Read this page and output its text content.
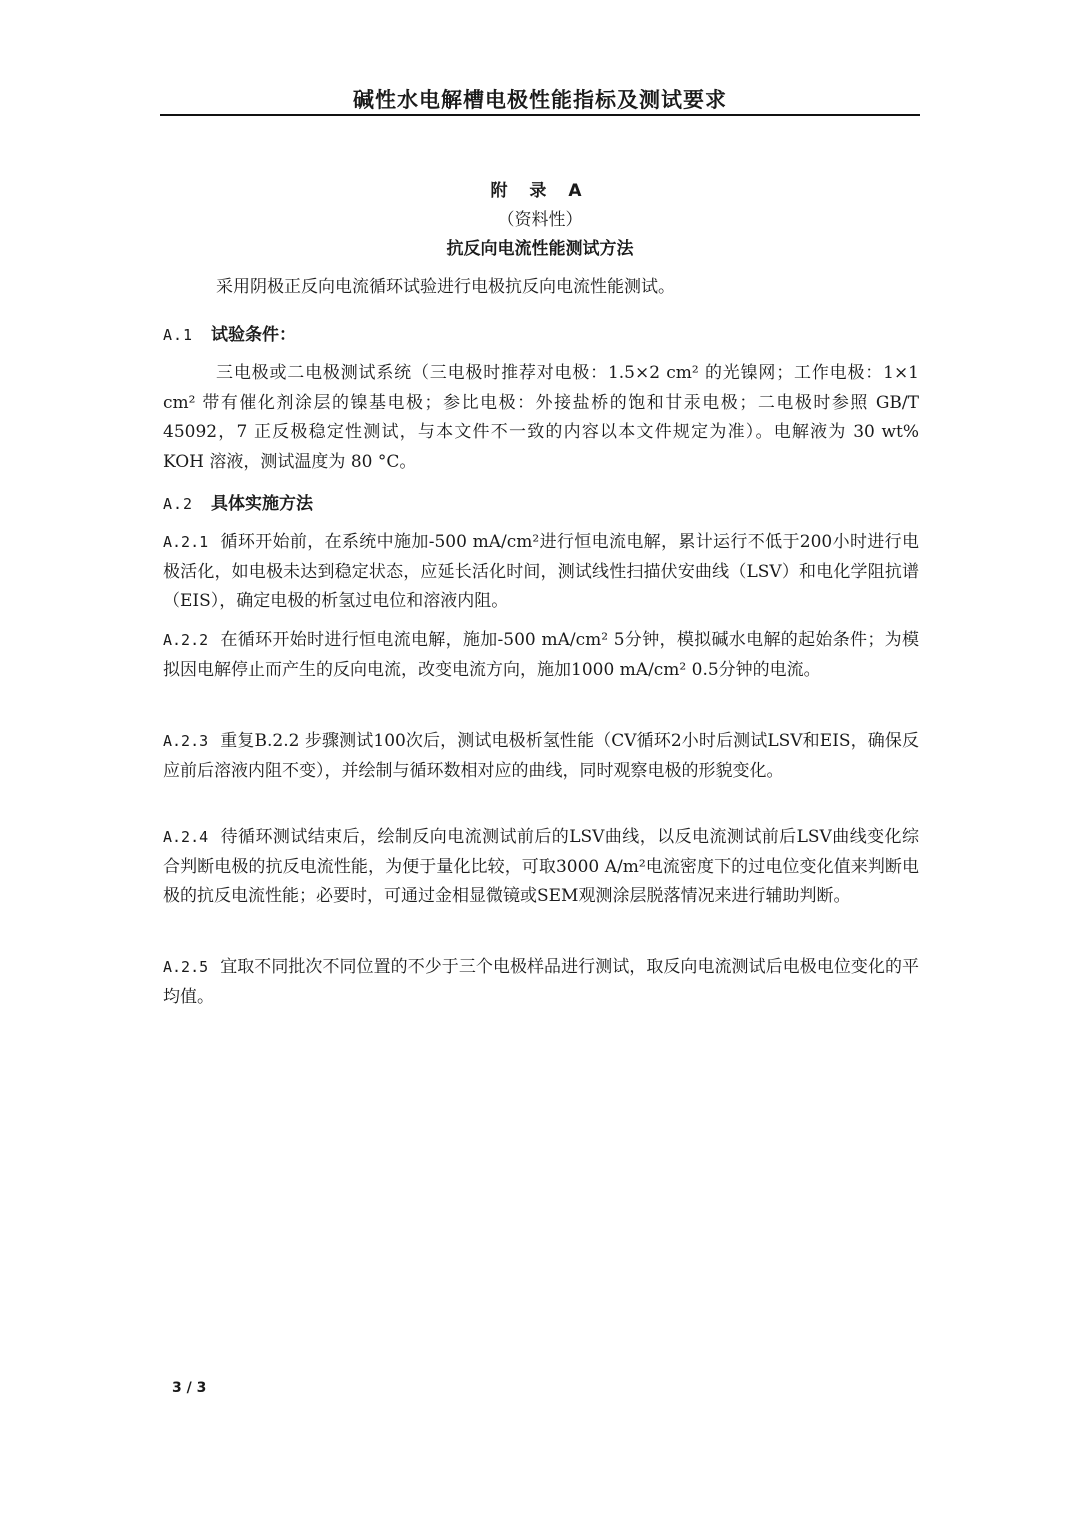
碱性水电解槽电极性能指标及测试要求
附 录 A
（资料性）
抗反向电流性能测试方法
采用阴极正反向电流循环试验进行电极抗反向电流性能测试。
A.1 试验条件：
三电极或二电极测试系统（三电极时推荐对电极：1.5×2 cm² 的光镍网；工作电极：1×1 cm² 带有催化剂涂层的镍基电极；参比电极：外接盐桥的饱和甘汞电极；二电极时参照 GB/T 45092，7 正反极稳定性测试，与本文件不一致的内容以本文件规定为准）。电解液为 30 wt% KOH 溶液，测试温度为 80 °C。
A.2 具体实施方法
A.2.1 循环开始前，在系统中施加-500 mA/cm²进行恒电流电解，累计运行不低于200小时进行电极活化，如电极未达到稳定状态，应延长活化时间，测试线性扫描伏安曲线（LSV）和电化学阻抗谱（EIS），确定电极的析氢过电位和溶液内阻。
A.2.2 在循环开始时进行恒电流电解，施加-500 mA/cm² 5分钟，模拟碱水电解的起始条件；为模拟因电解停止而产生的反向电流，改变电流方向，施加1000 mA/cm² 0.5分钟的电流。
A.2.3 重复B.2.2 步骤测试100次后，测试电极析氢性能（CV循环2小时后测试LSV和EIS，确保反应前后溶液内阻不变），并绘制与循环数相对应的曲线，同时观察电极的形貌变化。
A.2.4 待循环测试结束后，绘制反向电流测试前后的LSV曲线，以反电流测试前后LSV曲线变化综合判断电极的抗反电流性能，为便于量化比较，可取3000 A/m²电流密度下的过电位变化值来判断电极的抗反电流性能；必要时，可通过金相显微镜或SEM观测涂层脱落情况来进行辅助判断。
A.2.5 宜取不同批次不同位置的不少于三个电极样品进行测试，取反向电流测试后电极电位变化的平均值。
3 / 3
